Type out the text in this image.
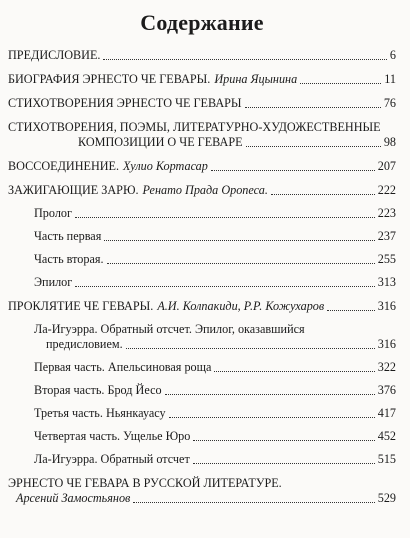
Содержание
ПРЕДИСЛОВИЕ.	6
БИОГРАФИЯ ЭРНЕСТО ЧЕ ГЕВАРЫ. Ирина Яцынина	11
СТИХОТВОРЕНИЯ ЭРНЕСТО ЧЕ ГЕВАРЫ	76
СТИХОТВОРЕНИЯ, ПОЭМЫ, ЛИТЕРАТУРНО-ХУДОЖЕСТВЕННЫЕ
КОМПОЗИЦИИ О ЧЕ ГЕВАРЕ	98
ВОССОЕДИНЕНИЕ. Хулио Кортасар	207
ЗАЖИГАЮЩИЕ ЗАРЮ. Ренато Прада Оропеса.	222
Пролог	223
Часть первая	237
Часть вторая.	255
Эпилог	313
ПРОКЛЯТИЕ ЧЕ ГЕВАРЫ. А.И. Колпакиди, Р.Р. Кожухаров	316
Ла-Игуэрра. Обратный отсчет. Эпилог, оказавшийся
предисловием.	316
Первая часть. Апельсиновая роща	322
Вторая часть. Брод Йесо	376
Третья часть. Ньянкауасу	417
Четвертая часть. Ущелье Юро	452
Ла-Игуэрра. Обратный отсчет	515
ЭРНЕСТО ЧЕ ГЕВАРА В РУССКОЙ ЛИТЕРАТУРЕ.
Арсений Замостьянов	529
